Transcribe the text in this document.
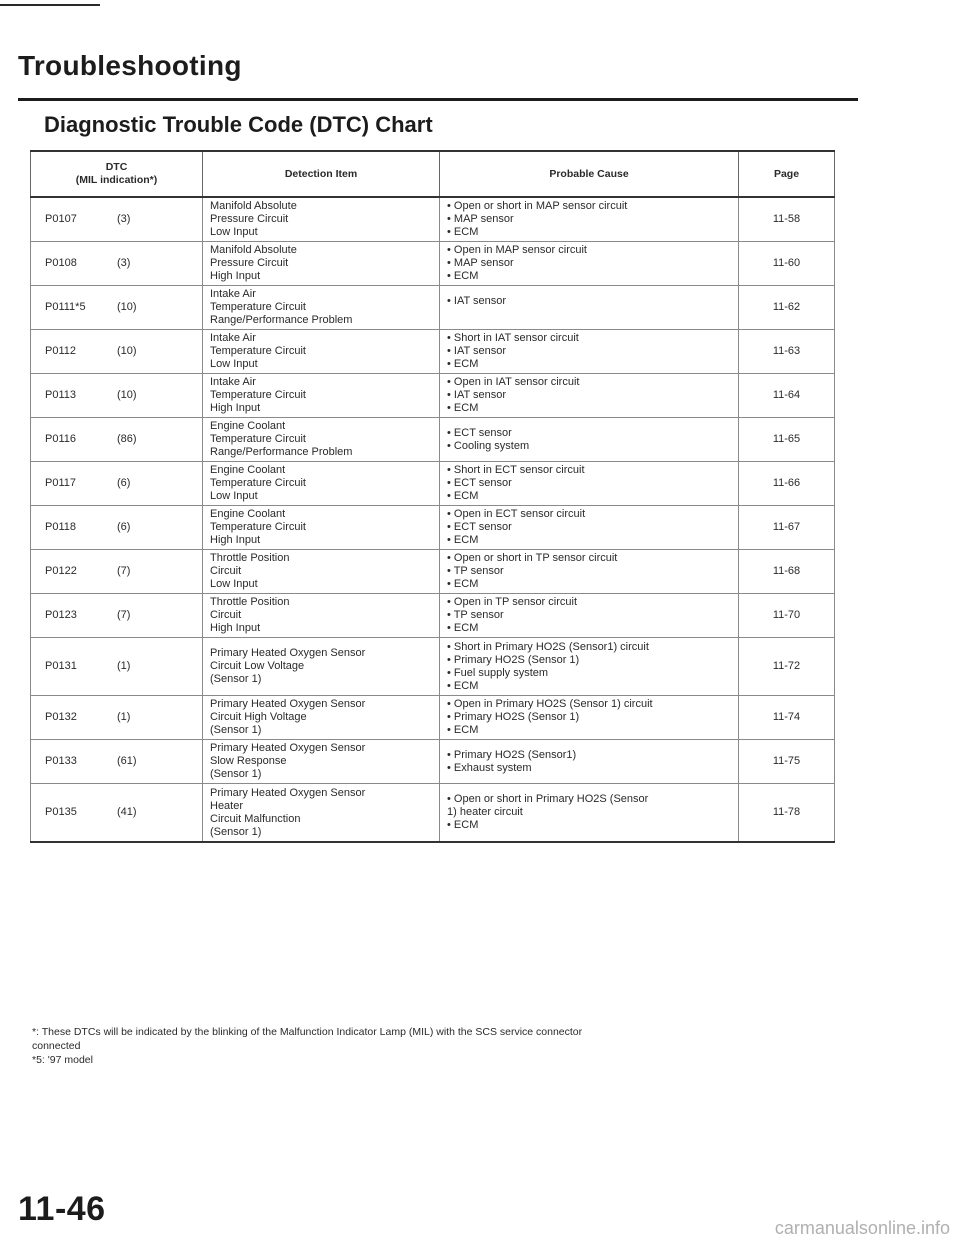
Troubleshooting
Diagnostic Trouble Code (DTC) Chart
DTC
(MIL indication*)	Detection Item	Probable Cause	Page
P0107 (3)	Manifold Absolute
Pressure Circuit
Low Input	• Open or short in MAP sensor circuit
• MAP sensor
• ECM	11-58
P0108 (3)	Manifold Absolute
Pressure Circuit
High Input	• Open in MAP sensor circuit
• MAP sensor
• ECM	11-60
P0111*5 (10)	Intake Air
Temperature Circuit
Range/Performance Problem	• IAT sensor	11-62
P0112 (10)	Intake Air
Temperature Circuit
Low Input	• Short in IAT sensor circuit
• IAT sensor
• ECM	11-63
P0113 (10)	Intake Air
Temperature Circuit
High Input	• Open in IAT sensor circuit
• IAT sensor
• ECM	11-64
P0116 (86)	Engine Coolant
Temperature Circuit
Range/Performance Problem	• ECT sensor
• Cooling system	11-65
P0117 (6)	Engine Coolant
Temperature Circuit
Low Input	• Short in ECT sensor circuit
• ECT sensor
• ECM	11-66
P0118 (6)	Engine Coolant
Temperature Circuit
High Input	• Open in ECT sensor circuit
• ECT sensor
• ECM	11-67
P0122 (7)	Throttle Position
Circuit
Low Input	• Open or short in TP sensor circuit
• TP sensor
• ECM	11-68
P0123 (7)	Throttle Position
Circuit
High Input	• Open in TP sensor circuit
• TP sensor
• ECM	11-70
P0131 (1)	Primary Heated Oxygen Sensor
Circuit Low Voltage
(Sensor 1)	• Short in Primary HO2S (Sensor1) circuit
• Primary HO2S (Sensor 1)
• Fuel supply system
• ECM	11-72
P0132 (1)	Primary Heated Oxygen Sensor
Circuit High Voltage
(Sensor 1)	• Open in Primary HO2S (Sensor 1) circuit
• Primary HO2S (Sensor 1)
• ECM	11-74
P0133 (61)	Primary Heated Oxygen Sensor
Slow Response
(Sensor 1)	• Primary HO2S (Sensor1)
• Exhaust system	11-75
P0135 (41)	Primary Heated Oxygen Sensor
Heater
Circuit Malfunction
(Sensor 1)	• Open or short in Primary HO2S (Sensor
1) heater circuit
• ECM	11-78

*: These DTCs will be indicated by the blinking of the Malfunction Indicator Lamp (MIL) with the SCS service connector
connected

*5: '97 model

11-46	carmanualsonline.info
